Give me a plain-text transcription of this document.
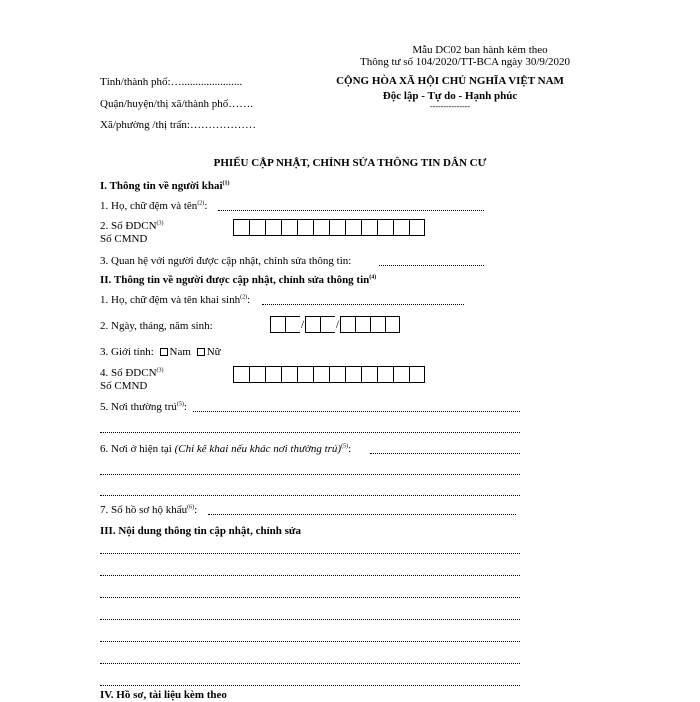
Mẫu DC02 ban hành kèm theo
Thông tư số 104/2020/TT-BCA ngày 30/9/2020
Tỉnh/thành phố:…......................
Quận/huyện/thị xã/thành phố…….
Xã/phường /thị trấn:………………
CỘNG HÒA XÃ HỘI CHỦ NGHĨA VIỆT NAM
Độc lập - Tự do - Hạnh phúc
---------------
PHIẾU CẬP NHẬT, CHỈNH SỬA THÔNG TIN DÂN CƯ
I. Thông tin về người khai$^{(1)}$
1. Họ, chữ đệm và tên$^{(2)}$:
2. Số ĐDCN$^{(3)}$
Số CMND
3. Quan hệ với người được cập nhật, chỉnh sửa thông tin:
II. Thông tin về người được cập nhật, chỉnh sửa thông tin$^{(4)}$
1. Họ, chữ đệm và tên khai $\sinh^{(2)}$:
2. Ngày, tháng, năm sinh:	/	/
3. Giới tính: Nam Nữ
4. Số ĐDCN$^{(3)}$
Số CMND
5. Nơi thường trú$^{(5)}$:
6. Nơi ở hiện tại (Chỉ kê khai nếu khác nơi thường trú)$^{(5)}$:
7. Số hồ sơ hộ khẩu$^{(6)}$:
III. Nội dung thông tin cập nhật, chỉnh sửa
IV. Hồ sơ, tài liệu kèm theo
